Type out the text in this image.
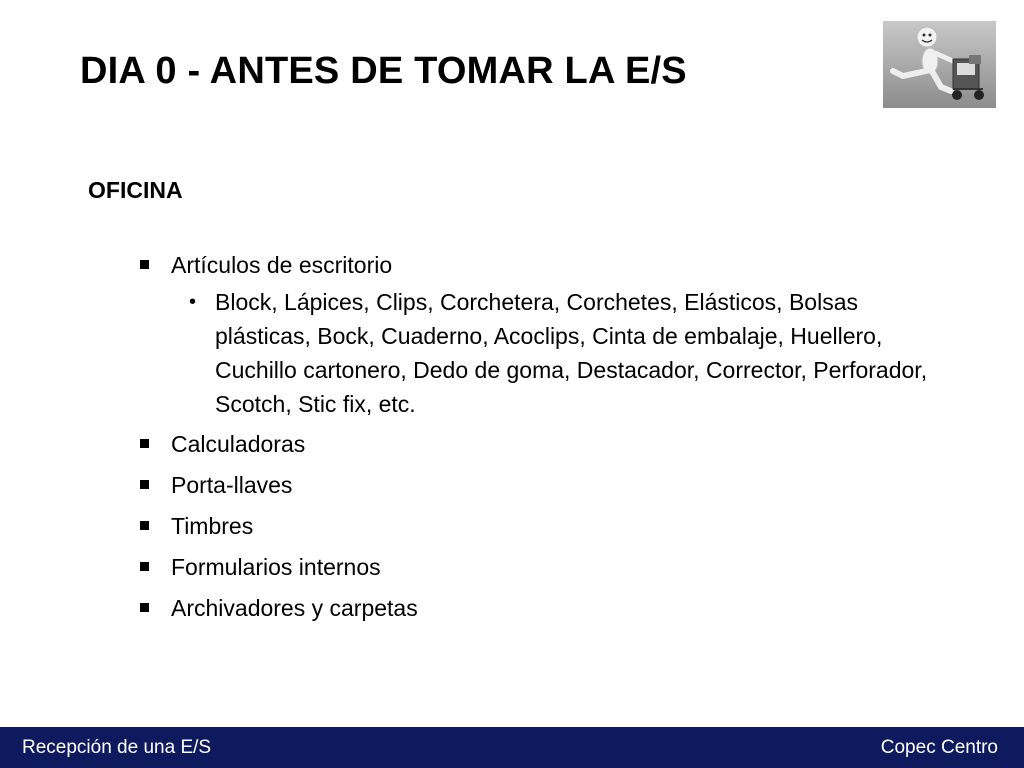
DIA 0 - ANTES DE TOMAR LA E/S
OFICINA
Artículos de escritorio
• Block, Lápices, Clips, Corchetera, Corchetes, Elásticos, Bolsas plásticas, Bock, Cuaderno, Acoclips, Cinta de embalaje, Huellero, Cuchillo cartonero, Dedo de goma, Destacador, Corrector, Perforador, Scotch, Stic fix, etc.
Calculadoras
Porta-llaves
Timbres
Formularios internos
Archivadores y carpetas
Recepción de una E/S	Copec Centro
